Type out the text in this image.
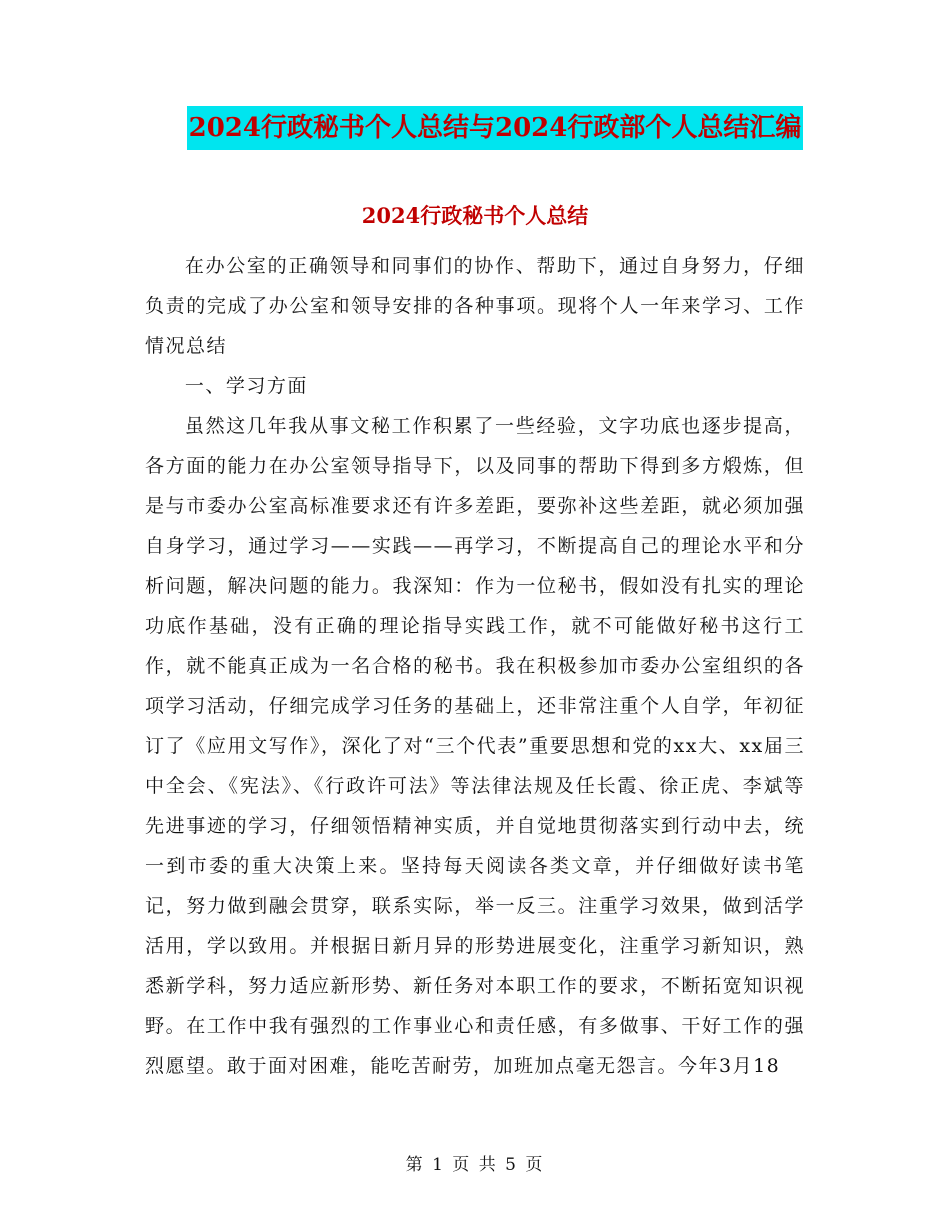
2024行政秘书个人总结与2024行政部个人总结汇编
2024行政秘书个人总结

在办公室的正确领导和同事们的协作、帮助下，通过自身努力，仔细负责的完成了办公室和领导安排的各种事项。现将个人一年来学习、工作情况总结

一、学习方面

虽然这几年我从事文秘工作积累了一些经验，文字功底也逐步提高，各方面的能力在办公室领导指导下，以及同事的帮助下得到多方煅炼，但是与市委办公室高标准要求还有许多差距，要弥补这些差距，就必须加强自身学习，通过学习——实践——再学习，不断提高自己的理论水平和分析问题，解决问题的能力。我深知：作为一位秘书，假如没有扎实的理论功底作基础，没有正确的理论指导实践工作，就不可能做好秘书这行工作，就不能真正成为一名合格的秘书。我在积极参加市委办公室组织的各项学习活动，仔细完成学习任务的基础上，还非常注重个人自学，年初征订了《应用文写作》，深化了对“三个代表”重要思想和党的xx大、xx届三中全会、《宪法》、《行政许可法》等法律法规及任长霞、徐正虎、李斌等先进事迹的学习，仔细领悟精神实质，并自觉地贯彻落实到行动中去，统一到市委的重大决策上来。坚持每天阅读各类文章，并仔细做好读书笔记，努力做到融会贯穿，联系实际，举一反三。注重学习效果，做到活学活用，学以致用。并根据日新月异的形势进展变化，注重学习新知识，熟悉新学科，努力适应新形势、新任务对本职工作的要求，不断拓宽知识视野。在工作中我有强烈的工作事业心和责任感，有多做事、干好工作的强烈愿望。敢于面对困难，能吃苦耐劳，加班加点毫无怨言。今年3月18

第 1 页 共 5 页
